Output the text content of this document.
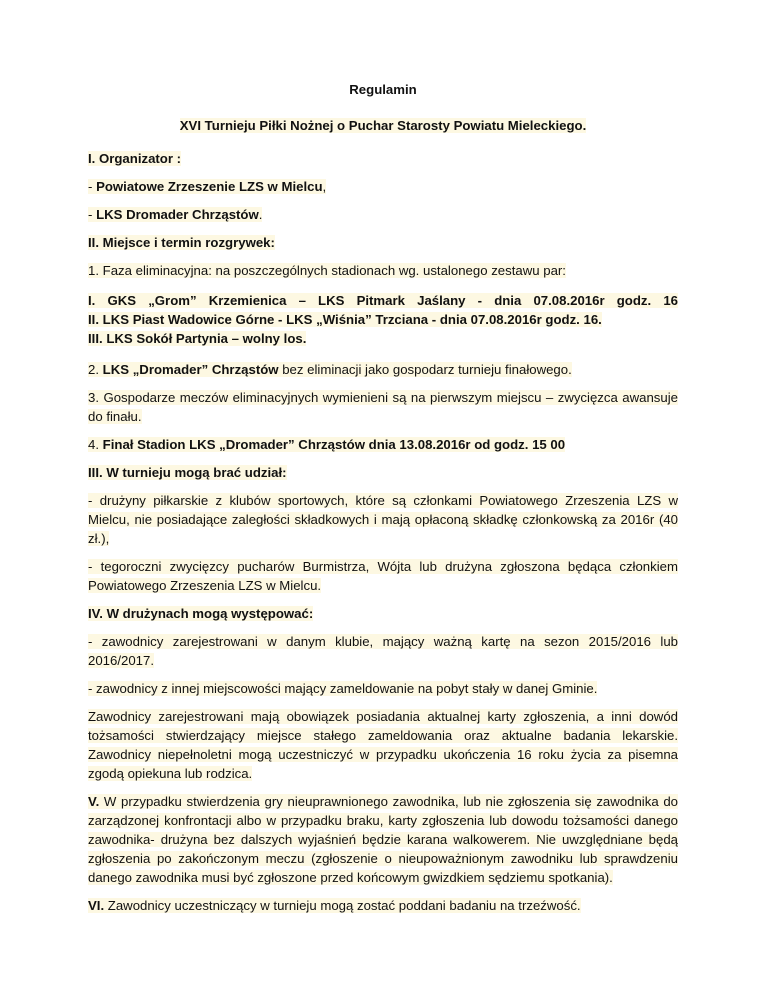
Regulamin

XVI Turnieju Piłki Nożnej o Puchar Starosty Powiatu Mieleckiego.

I. Organizator :

- Powiatowe Zrzeszenie LZS w Mielcu,

- LKS Dromader Chrząstów.

II. Miejsce i termin rozgrywek:

1. Faza eliminacyjna: na poszczególnych stadionach wg. ustalonego zestawu par:

I. GKS „Grom” Krzemienica – LKS Pitmark Jaślany - dnia 07.08.2016r godz. 16

II. LKS Piast Wadowice Górne - LKS „Wiśnia” Trzciana - dnia 07.08.2016r godz. 16.

III. LKS Sokół Partynia – wolny los.

2. LKS „Dromader” Chrząstów bez eliminacji jako gospodarz turnieju finałowego.

3. Gospodarze meczów eliminacyjnych wymienieni są na pierwszym miejscu – zwycięzca awansuje do finału.

4. Finał Stadion LKS „Dromader” Chrząstów dnia 13.08.2016r od godz. 15 00

III. W turnieju mogą brać udział:

- drużyny piłkarskie z klubów sportowych, które są członkami Powiatowego Zrzeszenia LZS w Mielcu, nie posiadające zaległości składkowych i mają opłaconą składkę członkowską za 2016r (40 zł.),

- tegoroczni zwycięzcy pucharów Burmistrza, Wójta lub drużyna zgłoszona będąca członkiem Powiatowego Zrzeszenia LZS w Mielcu.

IV. W drużynach mogą występować:

- zawodnicy zarejestrowani w danym klubie, mający ważną kartę na sezon 2015/2016 lub 2016/2017.

- zawodnicy z innej miejscowości mający zameldowanie na pobyt stały w danej Gminie.

Zawodnicy zarejestrowani mają obowiązek posiadania aktualnej karty zgłoszenia, a inni dowód tożsamości stwierdzający miejsce stałego zameldowania oraz aktualne badania lekarskie. Zawodnicy niepełnoletni mogą uczestniczyć w przypadku ukończenia 16 roku życia za pisemna zgodą opiekuna lub rodzica.

V. W przypadku stwierdzenia gry nieuprawnionego zawodnika, lub nie zgłoszenia się zawodnika do zarządzonej konfrontacji albo w przypadku braku, karty zgłoszenia lub dowodu tożsamości danego zawodnika- drużyna bez dalszych wyjaśnień będzie karana walkowerem. Nie uwzględniane będą zgłoszenia po zakończonym meczu (zgłoszenie o nieupoważnionym zawodniku lub sprawdzeniu danego zawodnika musi być zgłoszone przed końcowym gwizdkiem sędziemu spotkania).

VI. Zawodnicy uczestniczący w turnieju mogą zostać poddani badaniu na trzeźwość.
